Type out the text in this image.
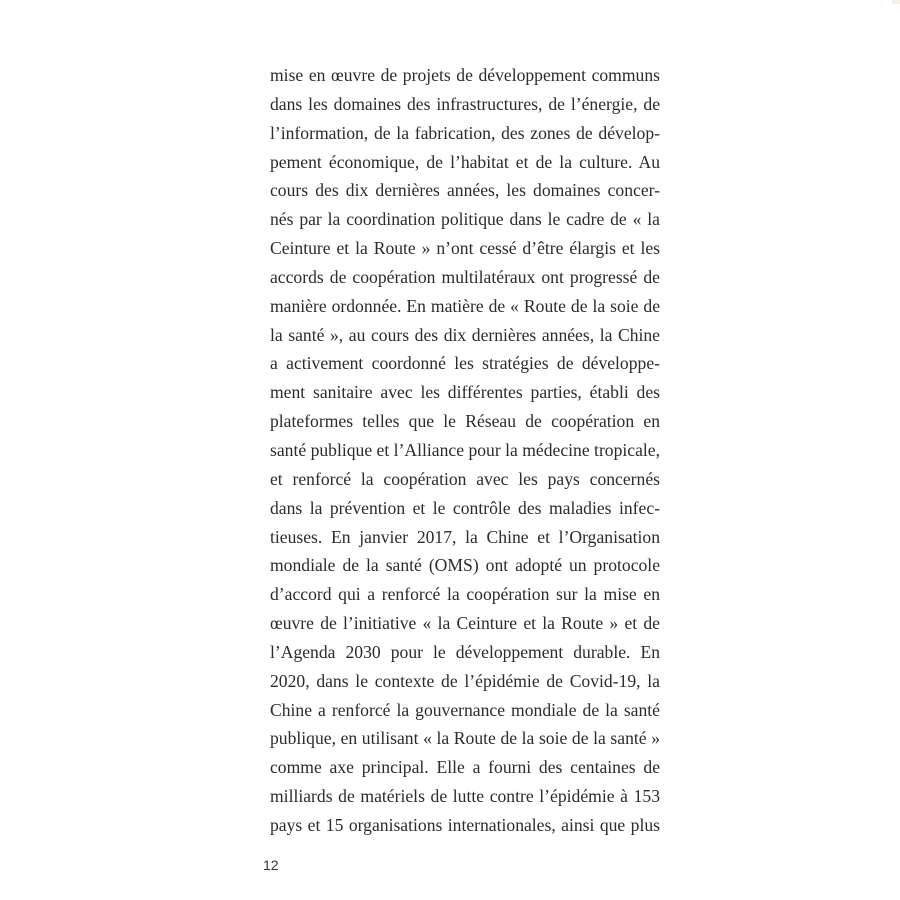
mise en œuvre de projets de développement communs
dans les domaines des infrastructures, de l’énergie, de
l’information, de la fabrication, des zones de dévelop-
pement économique, de l’habitat et de la culture. Au
cours des dix dernières années, les domaines concer-
nés par la coordination politique dans le cadre de « la
Ceinture et la Route » n’ont cessé d’être élargis et les
accords de coopération multilatéraux ont progressé de
manière ordonnée. En matière de « Route de la soie de
la santé », au cours des dix dernières années, la Chine
a activement coordonné les stratégies de développe-
ment sanitaire avec les différentes parties, établi des
plateformes telles que le Réseau de coopération en
santé publique et l’Alliance pour la médecine tropicale,
et renforcé la coopération avec les pays concernés
dans la prévention et le contrôle des maladies infec-
tieuses. En janvier 2017, la Chine et l’Organisation
mondiale de la santé (OMS) ont adopté un protocole
d’accord qui a renforcé la coopération sur la mise en
œuvre de l’initiative « la Ceinture et la Route » et de
l’Agenda 2030 pour le développement durable. En
2020, dans le contexte de l’épidémie de Covid-19, la
Chine a renforcé la gouvernance mondiale de la santé
publique, en utilisant « la Route de la soie de la santé »
comme axe principal. Elle a fourni des centaines de
milliards de matériels de lutte contre l’épidémie à 153
pays et 15 organisations internationales, ainsi que plus
12
